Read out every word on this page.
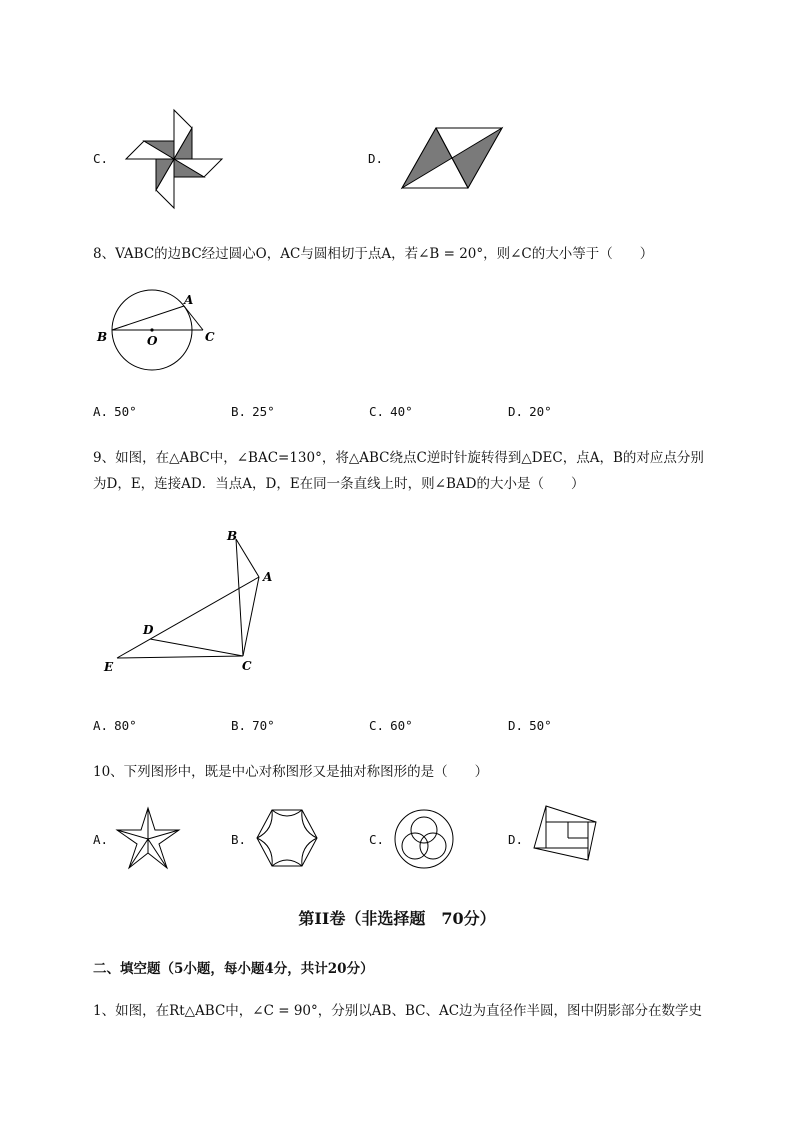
C.	D.
8、VABC的边BC经过圆心O，AC与圆相切于点A，若∠B = 20°，则∠C的大小等于（　　）
A
B	O	C
A. 50°	B. 25°	C. 40°	D. 20°
9、如图，在△ABC中，∠BAC=130°，将△ABC绕点C逆时针旋转得到△DEC，点A，B的对应点分别
为D，E，连接AD．当点A，D，E在同一条直线上时，则∠BAD的大小是（　　）
B
A
D
E	C
A. 80°	B. 70°	C. 60°	D. 50°
10、下列图形中，既是中心对称图形又是抽对称图形的是（　　）
A.	B.	C.	D.
第II卷（非选择题　70分）
二、填空题（5小题，每小题4分，共计20分）
1、如图，在Rt△ABC中，∠C = 90°，分别以AB、BC、AC边为直径作半圆，图中阴影部分在数学史
